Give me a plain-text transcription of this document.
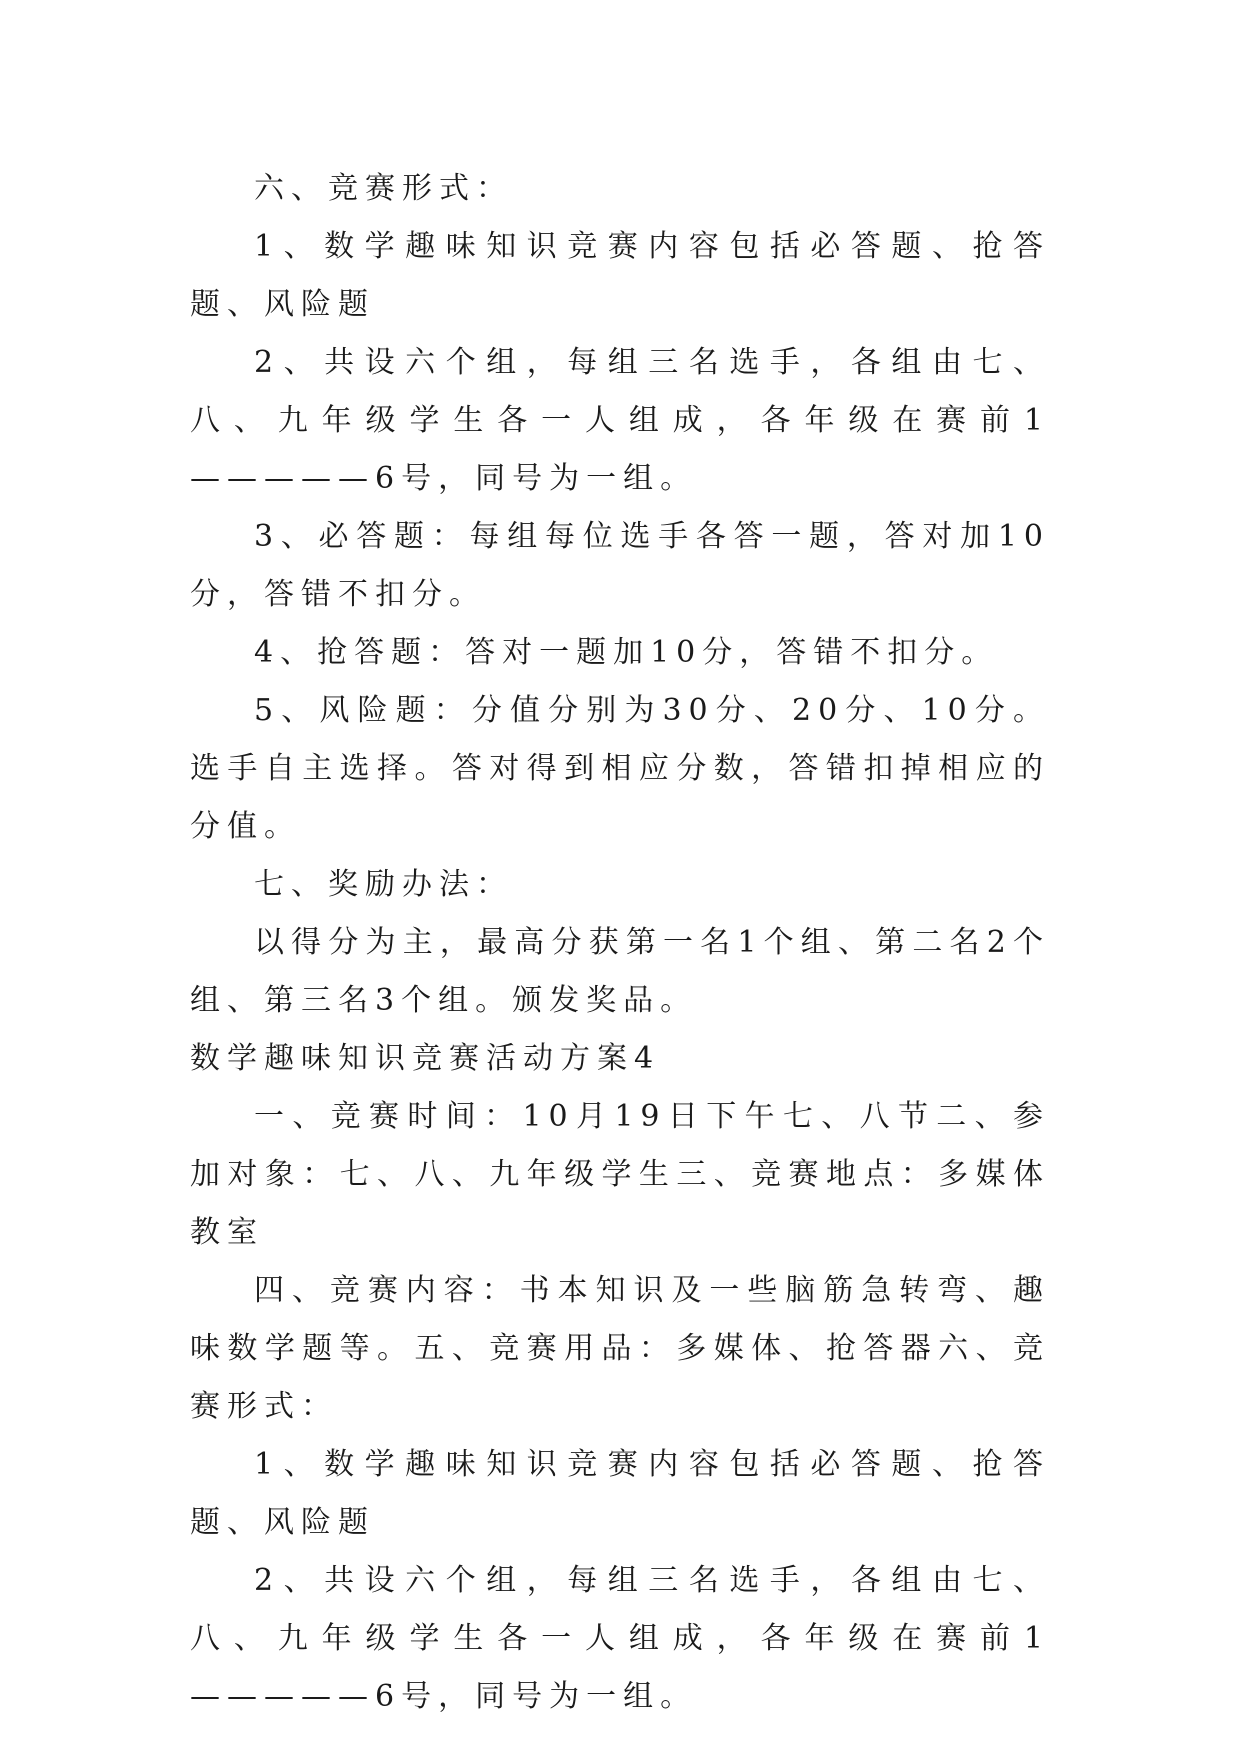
六、竞赛形式：

1、数学趣味知识竞赛内容包括必答题、抢答题、风险题

2、共设六个组，每组三名选手，各组由七、八、九年级学生各一人组成，各年级在赛前1—————6号，同号为一组。

3、必答题：每组每位选手各答一题，答对加10分，答错不扣分。

4、抢答题：答对一题加10分，答错不扣分。

5、风险题：分值分别为30分、20分、10分。选手自主选择。答对得到相应分数，答错扣掉相应的分值。

七、奖励办法：

以得分为主，最高分获第一名1个组、第二名2个组、第三名3个组。颁发奖品。

数学趣味知识竞赛活动方案4

一、竞赛时间：10月19日下午七、八节二、参加对象：七、八、九年级学生三、竞赛地点：多媒体教室

四、竞赛内容：书本知识及一些脑筋急转弯、趣味数学题等。五、竞赛用品：多媒体、抢答器六、竞赛形式：

1、数学趣味知识竞赛内容包括必答题、抢答题、风险题

2、共设六个组，每组三名选手，各组由七、八、九年级学生各一人组成，各年级在赛前1—————6号，同号为一组。
